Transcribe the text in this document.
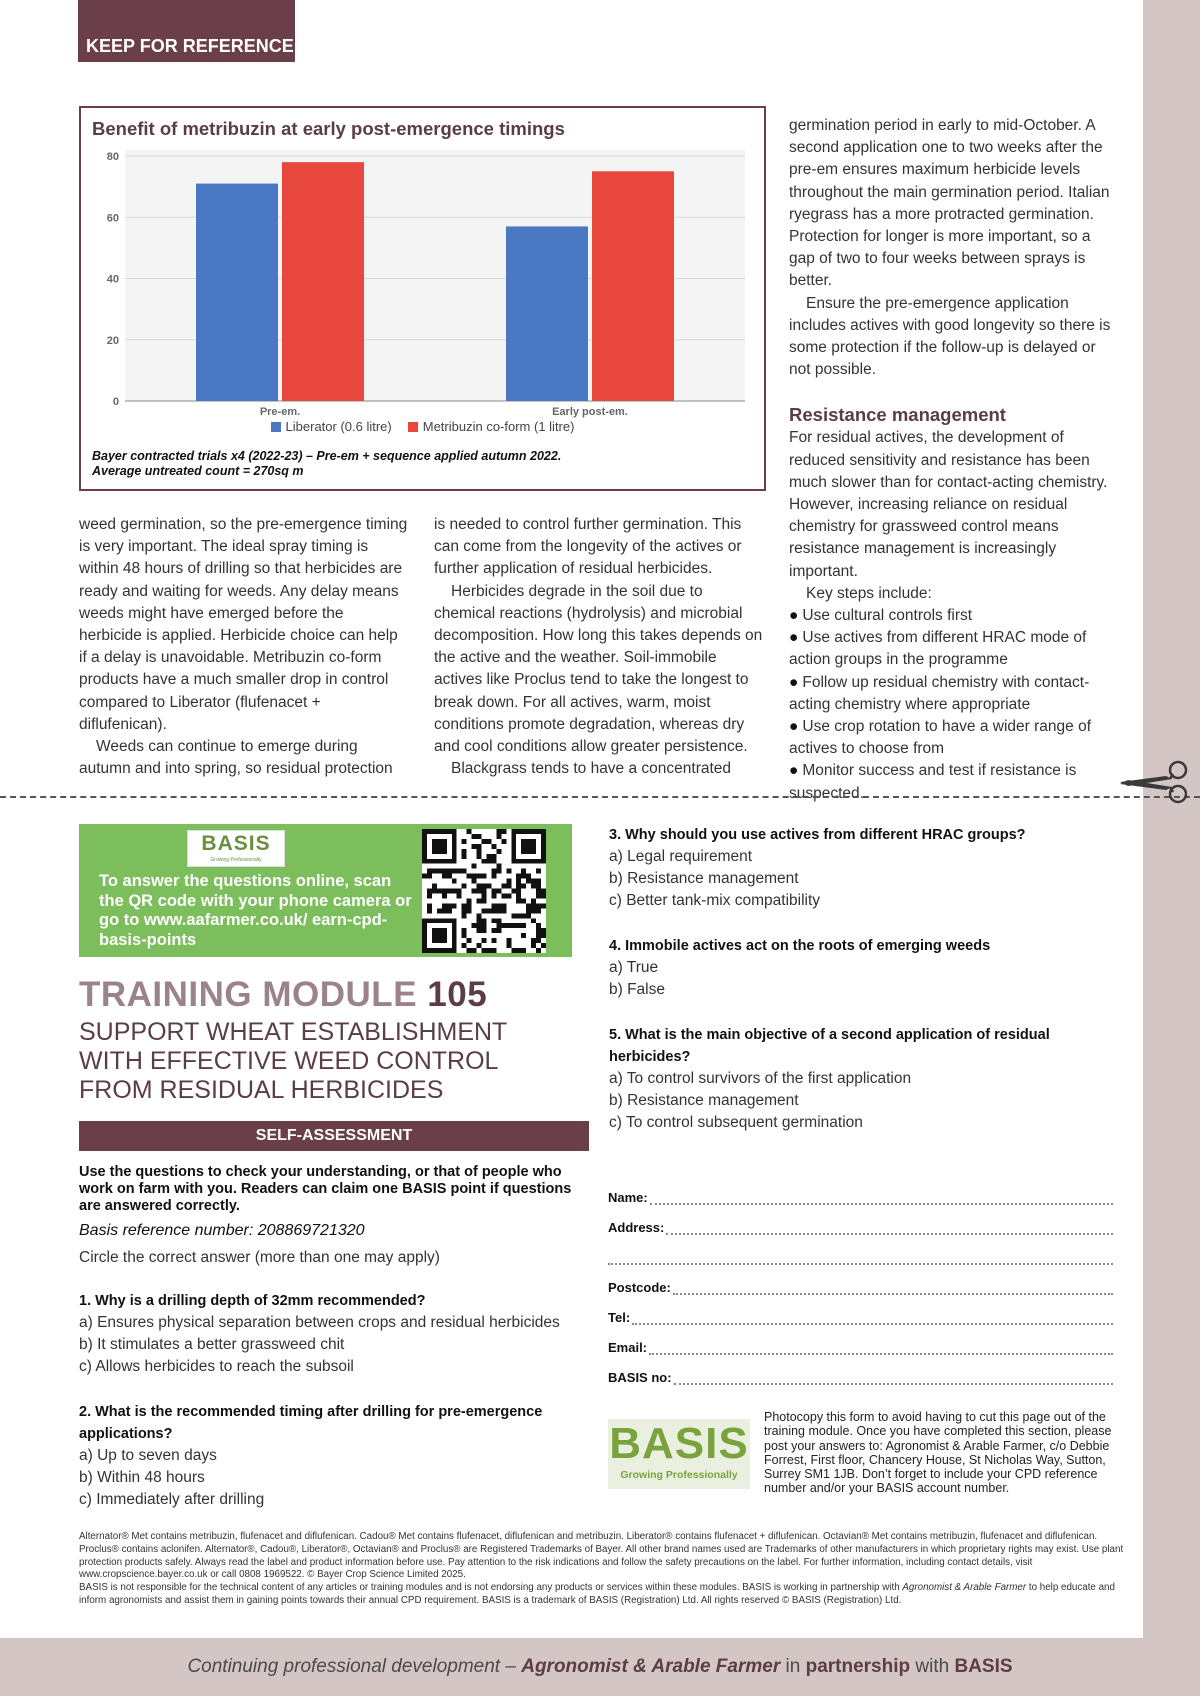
KEEP FOR REFERENCE
Benefit of metribuzin at early post-emergence timings
0
20
40
60
80
Pre-em.	Early post-em.
Liberator (0.6 litre)	Metribuzin co-form (1 litre)
Bayer contracted trials x4 (2022-23) – Pre-em + sequence applied autumn 2022.
Average untreated count = 270sq m

weed germination, so the pre-emergence timing is very important. The ideal spray timing is within 48 hours of drilling so that herbicides are ready and waiting for weeds. Any delay means weeds might have emerged before the herbicide is applied. Herbicide choice can help if a delay is unavoidable. Metribuzin co-form products have a much smaller drop in control compared to Liberator (flufenacet + diflufenican).

Weeds can continue to emerge during autumn and into spring, so residual protection

is needed to control further germination. This can come from the longevity of the actives or further application of residual herbicides.

Herbicides degrade in the soil due to chemical reactions (hydrolysis) and microbial decomposition. How long this takes depends on the active and the weather. Soil-immobile actives like Proclus tend to take the longest to break down. For all actives, warm, moist conditions promote degradation, whereas dry and cool conditions allow greater persistence.

Blackgrass tends to have a concentrated

germination period in early to mid-October. A second application one to two weeks after the pre-em ensures maximum herbicide levels throughout the main germination period. Italian ryegrass has a more protracted germination. Protection for longer is more important, so a gap of two to four weeks between sprays is better.

Ensure the pre-emergence application includes actives with good longevity so there is some protection if the follow-up is delayed or not possible.

Resistance management

For residual actives, the development of reduced sensitivity and resistance has been much slower than for contact-acting chemistry. However, increasing reliance on residual chemistry for grassweed control means resistance management is increasingly important.

Key steps include:

● Use cultural controls first

● Use actives from different HRAC mode of action groups in the programme

● Follow up residual chemistry with contact-acting chemistry where appropriate

● Use crop rotation to have a wider range of actives to choose from

● Monitor success and test if resistance is suspected.

BASIS
Growing Professionally
To answer the questions online, scan the QR code with your phone camera or go to www.aafarmer.co.uk/ earn-cpd-basis-points
TRAINING MODULE 105
SUPPORT WHEAT ESTABLISHMENT WITH EFFECTIVE WEED CONTROL FROM RESIDUAL HERBICIDES
SELF-ASSESSMENT
Use the questions to check your understanding, or that of people who work on farm with you. Readers can claim one BASIS point if questions are answered correctly.
Basis reference number: 208869721320
Circle the correct answer (more than one may apply)
1. Why is a drilling depth of 32mm recommended?
a) Ensures physical separation between crops and residual herbicides
b) It stimulates a better grassweed chit
c) Allows herbicides to reach the subsoil
2. What is the recommended timing after drilling for pre-emergence applications?
a) Up to seven days
b) Within 48 hours
c) Immediately after drilling
3. Why should you use actives from different HRAC groups?
a) Legal requirement
b) Resistance management
c) Better tank-mix compatibility
4. Immobile actives act on the roots of emerging weeds
a) True
b) False
5. What is the main objective of a second application of residual herbicides?
a) To control survivors of the first application
b) Resistance management
c) To control subsequent germination
Name:
Address:
Postcode:
Tel:
Email:
BASIS no:
BASIS
Growing Professionally
Photocopy this form to avoid having to cut this page out of the training module. Once you have completed this section, please post your answers to: Agronomist & Arable Farmer, c/o Debbie Forrest, First floor, Chancery House, St Nicholas Way, Sutton, Surrey SM1 1JB. Don’t forget to include your CPD reference number and/or your BASIS account number.

Alternator® Met contains metribuzin, flufenacet and diflufenican. Cadou® Met contains flufenacet, diflufenican and metribuzin. Liberator® contains flufenacet + diflufenican. Octavian® Met contains metribuzin, flufenacet and diflufenican. Proclus® contains aclonifen. Alternator®, Cadou®, Liberator®, Octavian® and Proclus® are Registered Trademarks of Bayer. All other brand names used are Trademarks of other manufacturers in which proprietary rights may exist. Use plant protection products safely. Always read the label and product information before use. Pay attention to the risk indications and follow the safety precautions on the label. For further information, including contact details, visit www.cropscience.bayer.co.uk or call 0808 1969522. © Bayer Crop Science Limited 2025.

BASIS is not responsible for the technical content of any articles or training modules and is not endorsing any products or services within these modules. BASIS is working in partnership with Agronomist & Arable Farmer to help educate and inform agronomists and assist them in gaining points towards their annual CPD requirement. BASIS is a trademark of BASIS (Registration) Ltd. All rights reserved © BASIS (Registration) Ltd.

Continuing professional development – Agronomist & Arable Farmer in partnership with BASIS
